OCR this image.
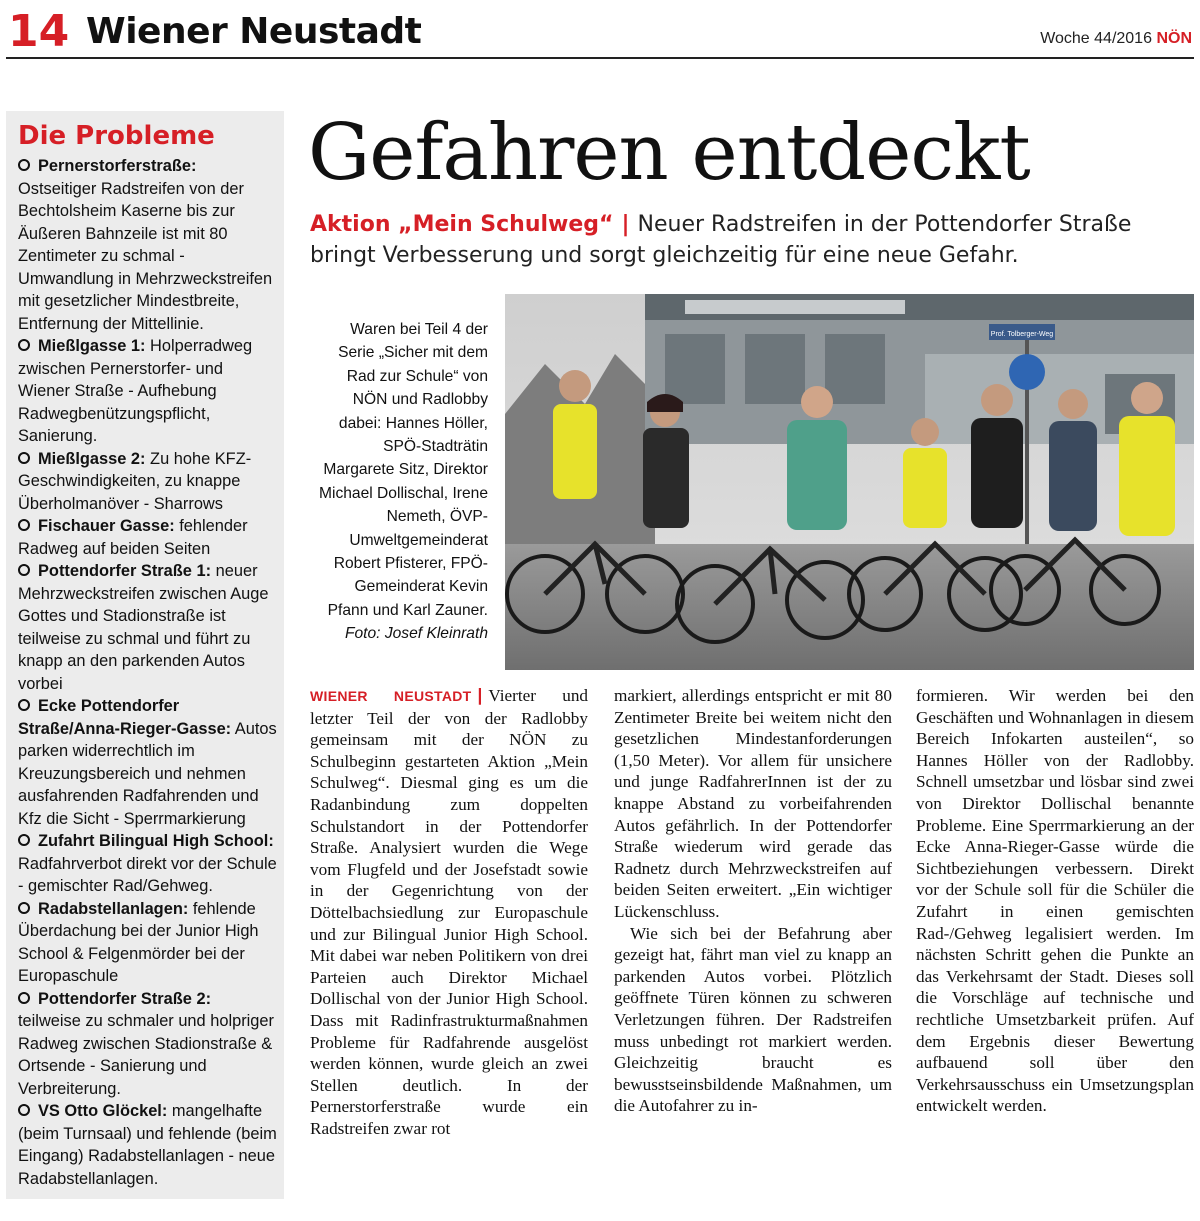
14 Wiener Neustadt	Woche 44/2016 NÖN
Die Probleme
Pernerstorferstraße: Ostseitiger Radstreifen von der Bechtolsheim Kaserne bis zur Äußeren Bahnzeile ist mit 80 Zentimeter zu schmal - Umwandlung in Mehrzweckstreifen mit gesetzlicher Mindestbreite, Entfernung der Mittellinie.
Mießlgasse 1: Holperradweg zwischen Pernerstorfer- und Wiener Straße - Aufhebung Radwegbenützungspflicht, Sanierung.
Mießlgasse 2: Zu hohe KFZ-Geschwindigkeiten, zu knappe Überholmanöver - Sharrows
Fischauer Gasse: fehlender Radweg auf beiden Seiten
Pottendorfer Straße 1: neuer Mehrzweckstreifen zwischen Auge Gottes und Stadionstraße ist teilweise zu schmal und führt zu knapp an den parkenden Autos vorbei
Ecke Pottendorfer Straße/Anna-Rieger-Gasse: Autos parken widerrechtlich im Kreuzungsbereich und nehmen ausfahrenden Radfahrenden und Kfz die Sicht - Sperrmarkierung
Zufahrt Bilingual High School: Radfahrverbot direkt vor der Schule - gemischter Rad/Gehweg.
Radabstellanlagen: fehlende Überdachung bei der Junior High School & Felgenmörder bei der Europaschule
Pottendorfer Straße 2: teilweise zu schmaler und holpriger Radweg zwischen Stadionstraße & Ortsende - Sanierung und Verbreiterung.
VS Otto Glöckel: mangelhafte (beim Turnsaal) und fehlende (beim Eingang) Radabstellanlagen - neue Radabstellanlagen.
Gefahren entdeckt
Aktion „Mein Schulweg“ | Neuer Radstreifen in der Pottendorfer Straße bringt Verbesserung und sorgt gleichzeitig für eine neue Gefahr.
Waren bei Teil 4 der Serie „Sicher mit dem Rad zur Schule“ von NÖN und Radlobby dabei: Hannes Höller, SPÖ-Stadträtin Margarete Sitz, Direktor Michael Dollischal, Irene Nemeth, ÖVP-Umweltgemeinderat Robert Pfisterer, FPÖ-Gemeinderat Kevin Pfann und Karl Zauner.
Foto: Josef Kleinrath
Prof. Tolberger-Weg

WIENER NEUSTADT | Vierter und letzter Teil der von der Radlobby gemeinsam mit der NÖN zu Schulbeginn gestarteten Aktion „Mein Schulweg“. Diesmal ging es um die Radanbindung zum doppelten Schulstandort in der Pottendorfer Straße. Analysiert wurden die Wege vom Flugfeld und der Josefstadt sowie in der Gegenrichtung von der Döttelbachsiedlung zur Europaschule und zur Bilingual Junior High School. Mit dabei war neben Politikern von drei Parteien auch Direktor Michael Dollischal von der Junior High School. Dass mit Radinfrastrukturmaßnahmen Probleme für Radfahrende ausgelöst werden können, wurde gleich an zwei Stellen deutlich. In der Pernerstorferstraße wurde ein Radstreifen zwar rot

markiert, allerdings entspricht er mit 80 Zentimeter Breite bei weitem nicht den gesetzlichen Mindestanforderungen (1,50 Meter). Vor allem für unsichere und junge RadfahrerInnen ist der zu knappe Abstand zu vorbeifahrenden Autos gefährlich. In der Pottendorfer Straße wiederum wird gerade das Radnetz durch Mehrzweckstreifen auf beiden Seiten erweitert. „Ein wichtiger Lückenschluss.

Wie sich bei der Befahrung aber gezeigt hat, fährt man viel zu knapp an parkenden Autos vorbei. Plötzlich geöffnete Türen können zu schweren Verletzungen führen. Der Radstreifen muss unbedingt rot markiert werden. Gleichzeitig braucht es bewusstseinsbildende Maßnahmen, um die Autofahrer zu in-

formieren. Wir werden bei den Geschäften und Wohnanlagen in diesem Bereich Infokarten austeilen“, so Hannes Höller von der Radlobby. Schnell umsetzbar und lösbar sind zwei von Direktor Dollischal benannte Probleme. Eine Sperrmarkierung an der Ecke Anna-Rieger-Gasse würde die Sichtbeziehungen verbessern. Direkt vor der Schule soll für die Schüler die Zufahrt in einen gemischten Rad-/Gehweg legalisiert werden. Im nächsten Schritt gehen die Punkte an das Verkehrsamt der Stadt. Dieses soll die Vorschläge auf technische und rechtliche Umsetzbarkeit prüfen. Auf dem Ergebnis dieser Bewertung aufbauend soll über den Verkehrsausschuss ein Umsetzungsplan entwickelt werden.
